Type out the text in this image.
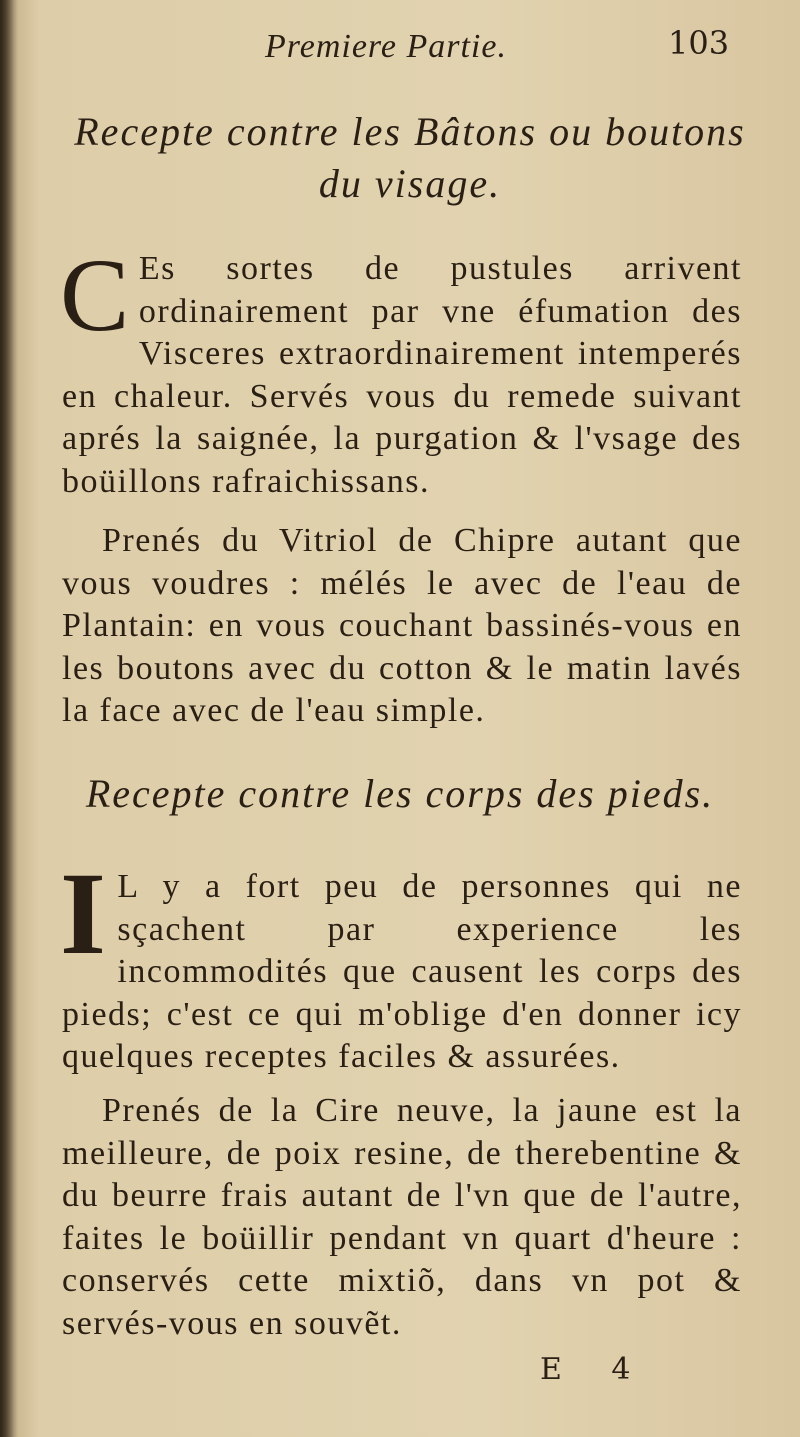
Premiere Partie.	103
Recepte contre les Bâtons ou boutons
du visage.
C Es sortes de pustules arrivent ordinairement par vne éfumation des Visceres extraordinairement intemperés en chaleur. Servés vous du remede suivant aprés la saignée, la purgation & l'vsage des boüillons rafraichissans.
Prenés du Vitriol de Chipre autant que vous voudres : mélés le avec de l'eau de Plantain: en vous couchant bassinés-vous en les boutons avec du cotton & le matin lavés la face avec de l'eau simple.
Recepte contre les corps des pieds.
I L y a fort peu de personnes qui ne sçachent par experience les incommodités que causent les corps des pieds; c'est ce qui m'oblige d'en donner icy quelques receptes faciles & assurées.
Prenés de la Cire neuve, la jaune est la meilleure, de poix resine, de therebentine & du beurre frais autant de l'vn que de l'autre, faites le boüillir pendant vn quart d'heure : conservés cette mixtiõ, dans vn pot & servés-vous en souvẽt.
E 4
